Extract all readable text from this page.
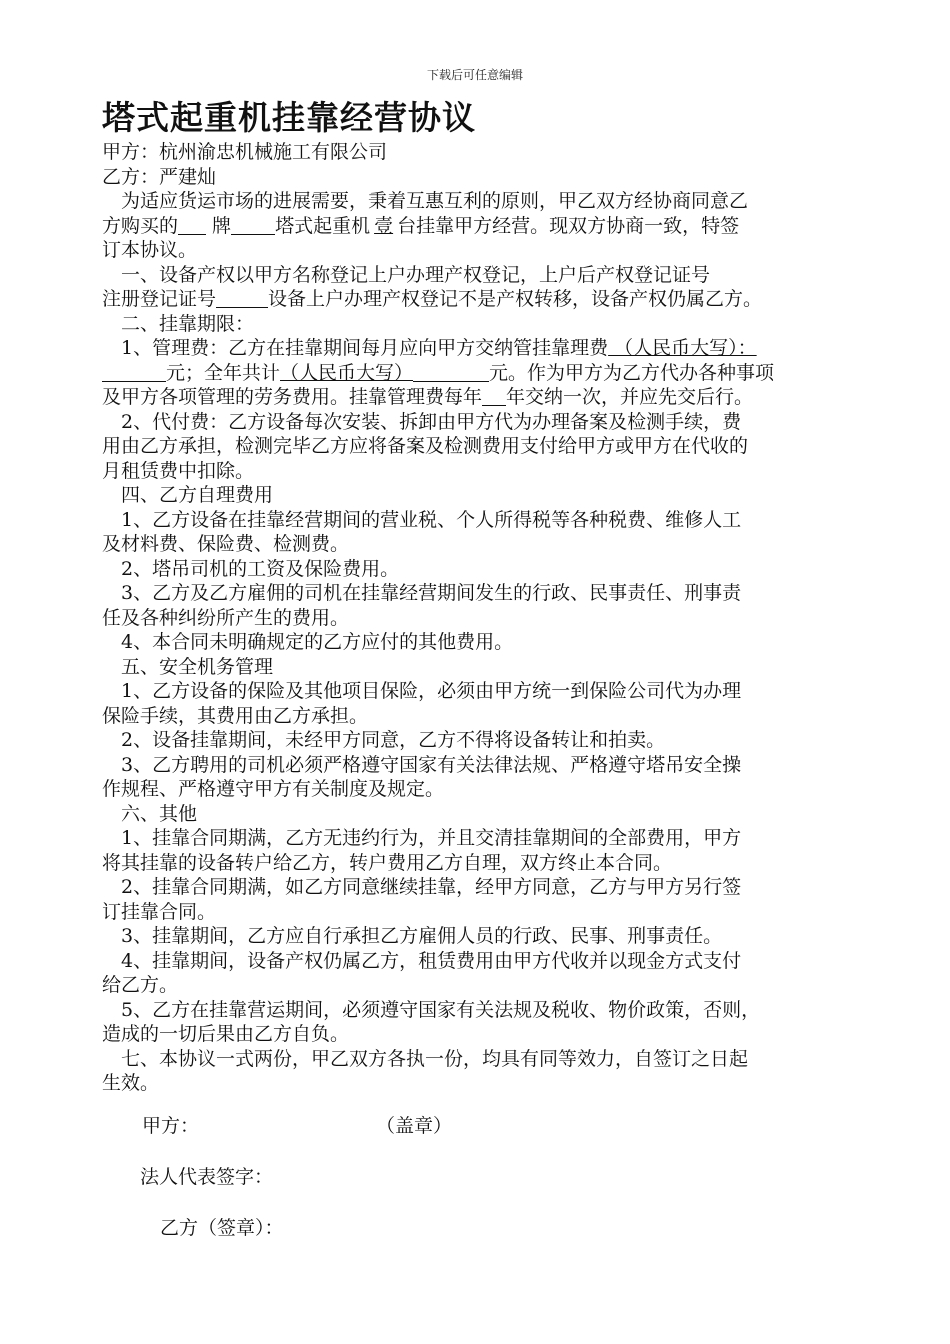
下载后可任意编辑
塔式起重机挂靠经营协议

甲方：杭州渝忠机械施工有限公司

乙方：严建灿

为适应货运市场的进展需要，秉着互惠互利的原则，甲乙双方经协商同意乙

方购买的 牌 塔式起重机 壹 台挂靠甲方经营。现双方协商一致，特签

订本协议。

一、设备产权以甲方名称登记上户办理产权登记，上户后产权登记证号

注册登记证号	设备上户办理产权登记不是产权转移，设备产权仍属乙方。

二、挂靠期限：

1、管理费：乙方在挂靠期间每月应向甲方交纳管挂靠理费 （人民币大写）：

元；全年共计（人民币大写）	元。作为甲方为乙方代办各种事项

及甲方各项管理的劳务费用。挂靠管理费每年 年交纳一次，并应先交后行。

2、代付费：乙方设备每次安装、拆卸由甲方代为办理备案及检测手续，费

用由乙方承担，检测完毕乙方应将备案及检测费用支付给甲方或甲方在代收的

月租赁费中扣除。

四、乙方自理费用

1、乙方设备在挂靠经营期间的营业税、个人所得税等各种税费、维修人工

及材料费、保险费、检测费。

2、塔吊司机的工资及保险费用。

3、乙方及乙方雇佣的司机在挂靠经营期间发生的行政、民事责任、刑事责

任及各种纠纷所产生的费用。

4、本合同未明确规定的乙方应付的其他费用。

五、安全机务管理

1、乙方设备的保险及其他项目保险，必须由甲方统一到保险公司代为办理

保险手续，其费用由乙方承担。

2、设备挂靠期间，未经甲方同意，乙方不得将设备转让和拍卖。

3、乙方聘用的司机必须严格遵守国家有关法律法规、严格遵守塔吊安全操

作规程、严格遵守甲方有关制度及规定。

六、其他

1、挂靠合同期满，乙方无违约行为，并且交清挂靠期间的全部费用，甲方

将其挂靠的设备转户给乙方，转户费用乙方自理，双方终止本合同。

2、挂靠合同期满，如乙方同意继续挂靠，经甲方同意，乙方与甲方另行签

订挂靠合同。

3、挂靠期间，乙方应自行承担乙方雇佣人员的行政、民事、刑事责任。

4、挂靠期间，设备产权仍属乙方，租赁费用由甲方代收并以现金方式支付

给乙方。

5、乙方在挂靠营运期间，必须遵守国家有关法规及税收、物价政策，否则，

造成的一切后果由乙方自负。

七、本协议一式两份，甲乙双方各执一份，均具有同等效力，自签订之日起

生效。

甲方：	（盖章）
法人代表签字：
乙方（签章）：
